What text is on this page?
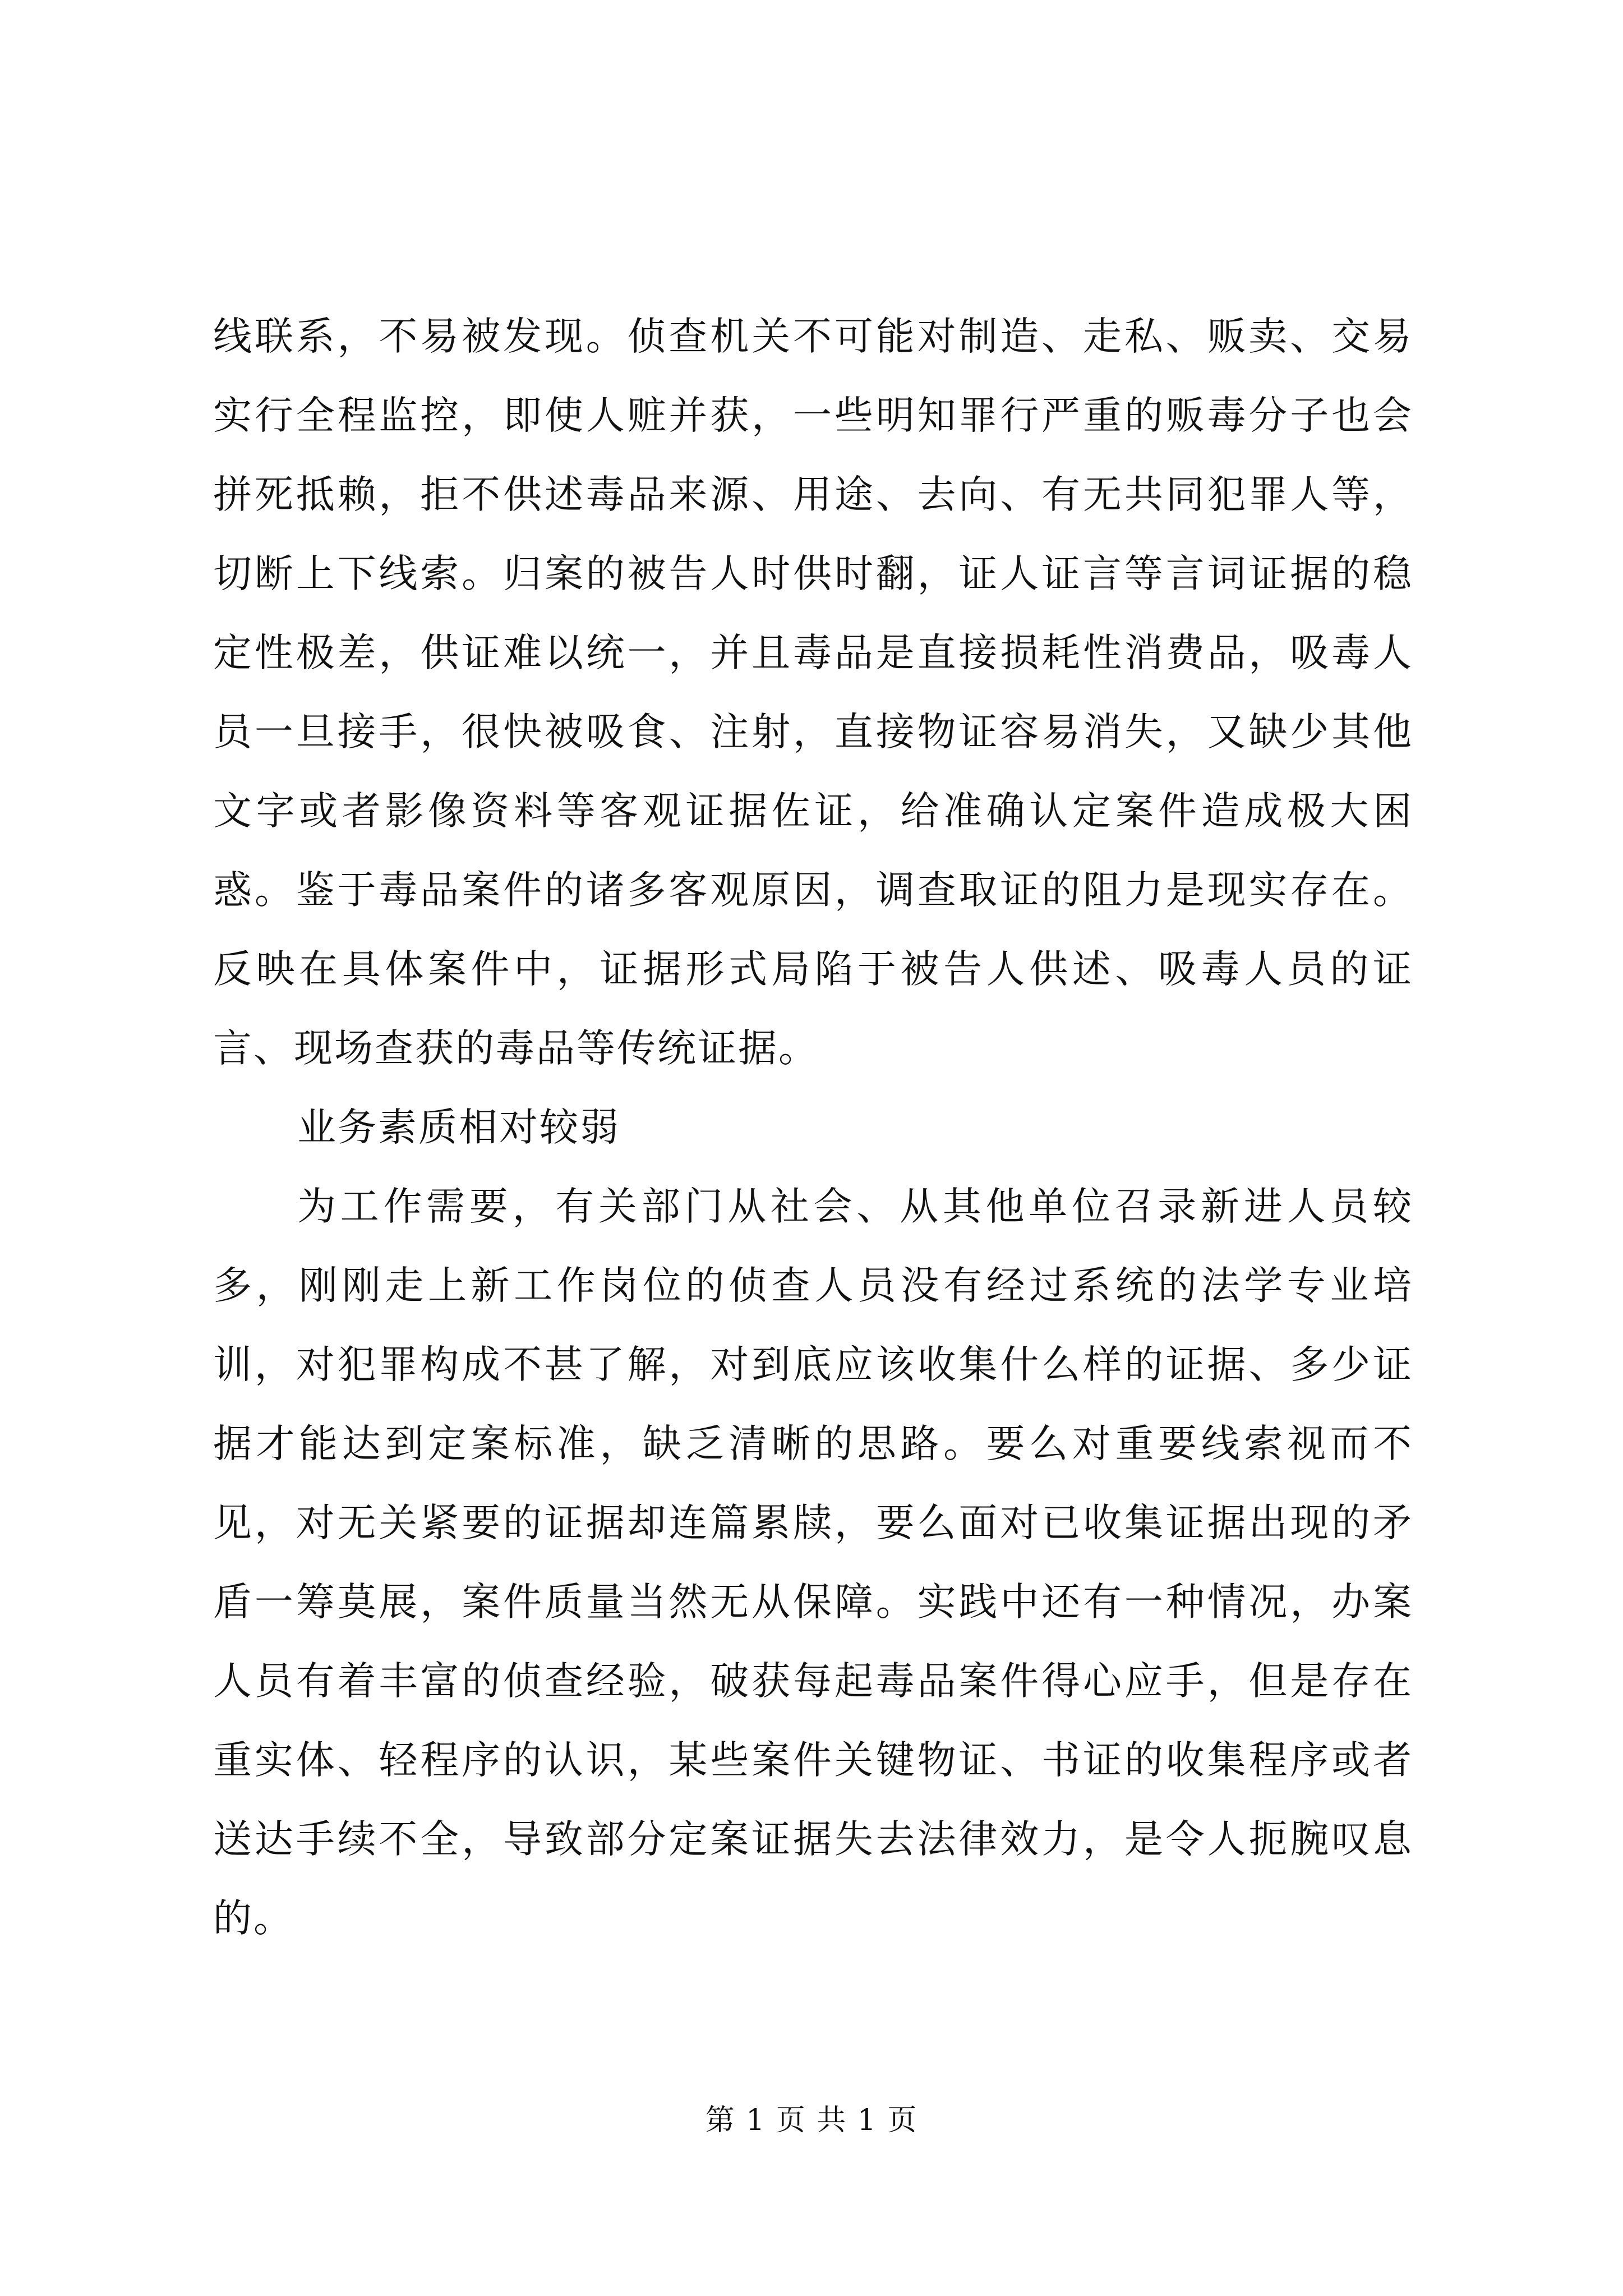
线联系，不易被发现。侦查机关不可能对制造、走私、贩卖、交易实行全程监控，即使人赃并获，一些明知罪行严重的贩毒分子也会拼死抵赖，拒不供述毒品来源、用途、去向、有无共同犯罪人等，切断上下线索。归案的被告人时供时翻，证人证言等言词证据的稳定性极差，供证难以统一，并且毒品是直接损耗性消费品，吸毒人员一旦接手，很快被吸食、注射，直接物证容易消失，又缺少其他文字或者影像资料等客观证据佐证，给准确认定案件造成极大困惑。鉴于毒品案件的诸多客观原因，调查取证的阻力是现实存在。反映在具体案件中，证据形式局陷于被告人供述、吸毒人员的证言、现场查获的毒品等传统证据。

业务素质相对较弱

为工作需要，有关部门从社会、从其他单位召录新进人员较多，刚刚走上新工作岗位的侦查人员没有经过系统的法学专业培训，对犯罪构成不甚了解，对到底应该收集什么样的证据、多少证据才能达到定案标准，缺乏清晰的思路。要么对重要线索视而不见，对无关紧要的证据却连篇累牍，要么面对已收集证据出现的矛盾一筹莫展，案件质量当然无从保障。实践中还有一种情况，办案人员有着丰富的侦查经验，破获每起毒品案件得心应手，但是存在重实体、轻程序的认识，某些案件关键物证、书证的收集程序或者送达手续不全，导致部分定案证据失去法律效力，是令人扼腕叹息的。

第 1 页 共 1 页
